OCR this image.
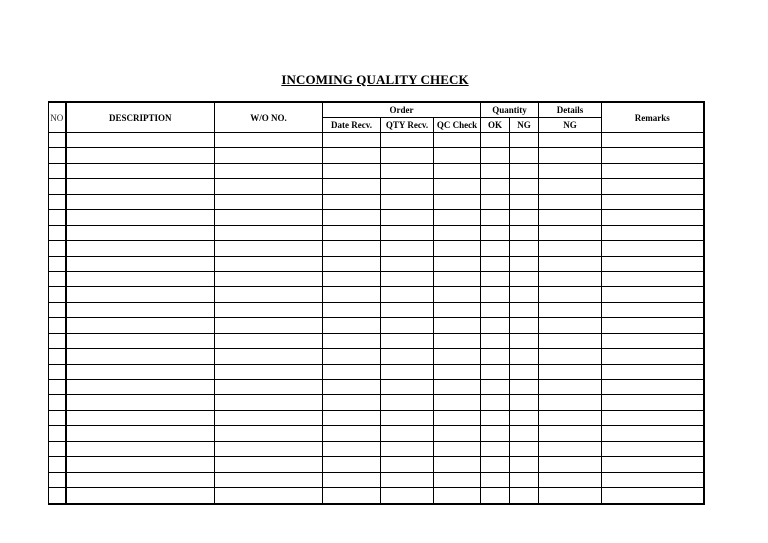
INCOMING QUALITY CHECK
NO	DESCRIPTION	W/O NO.	Order			Quantity		Details	Remarks
			Date Recv.	QTY Recv.	QC Check	OK	NG	NG	
